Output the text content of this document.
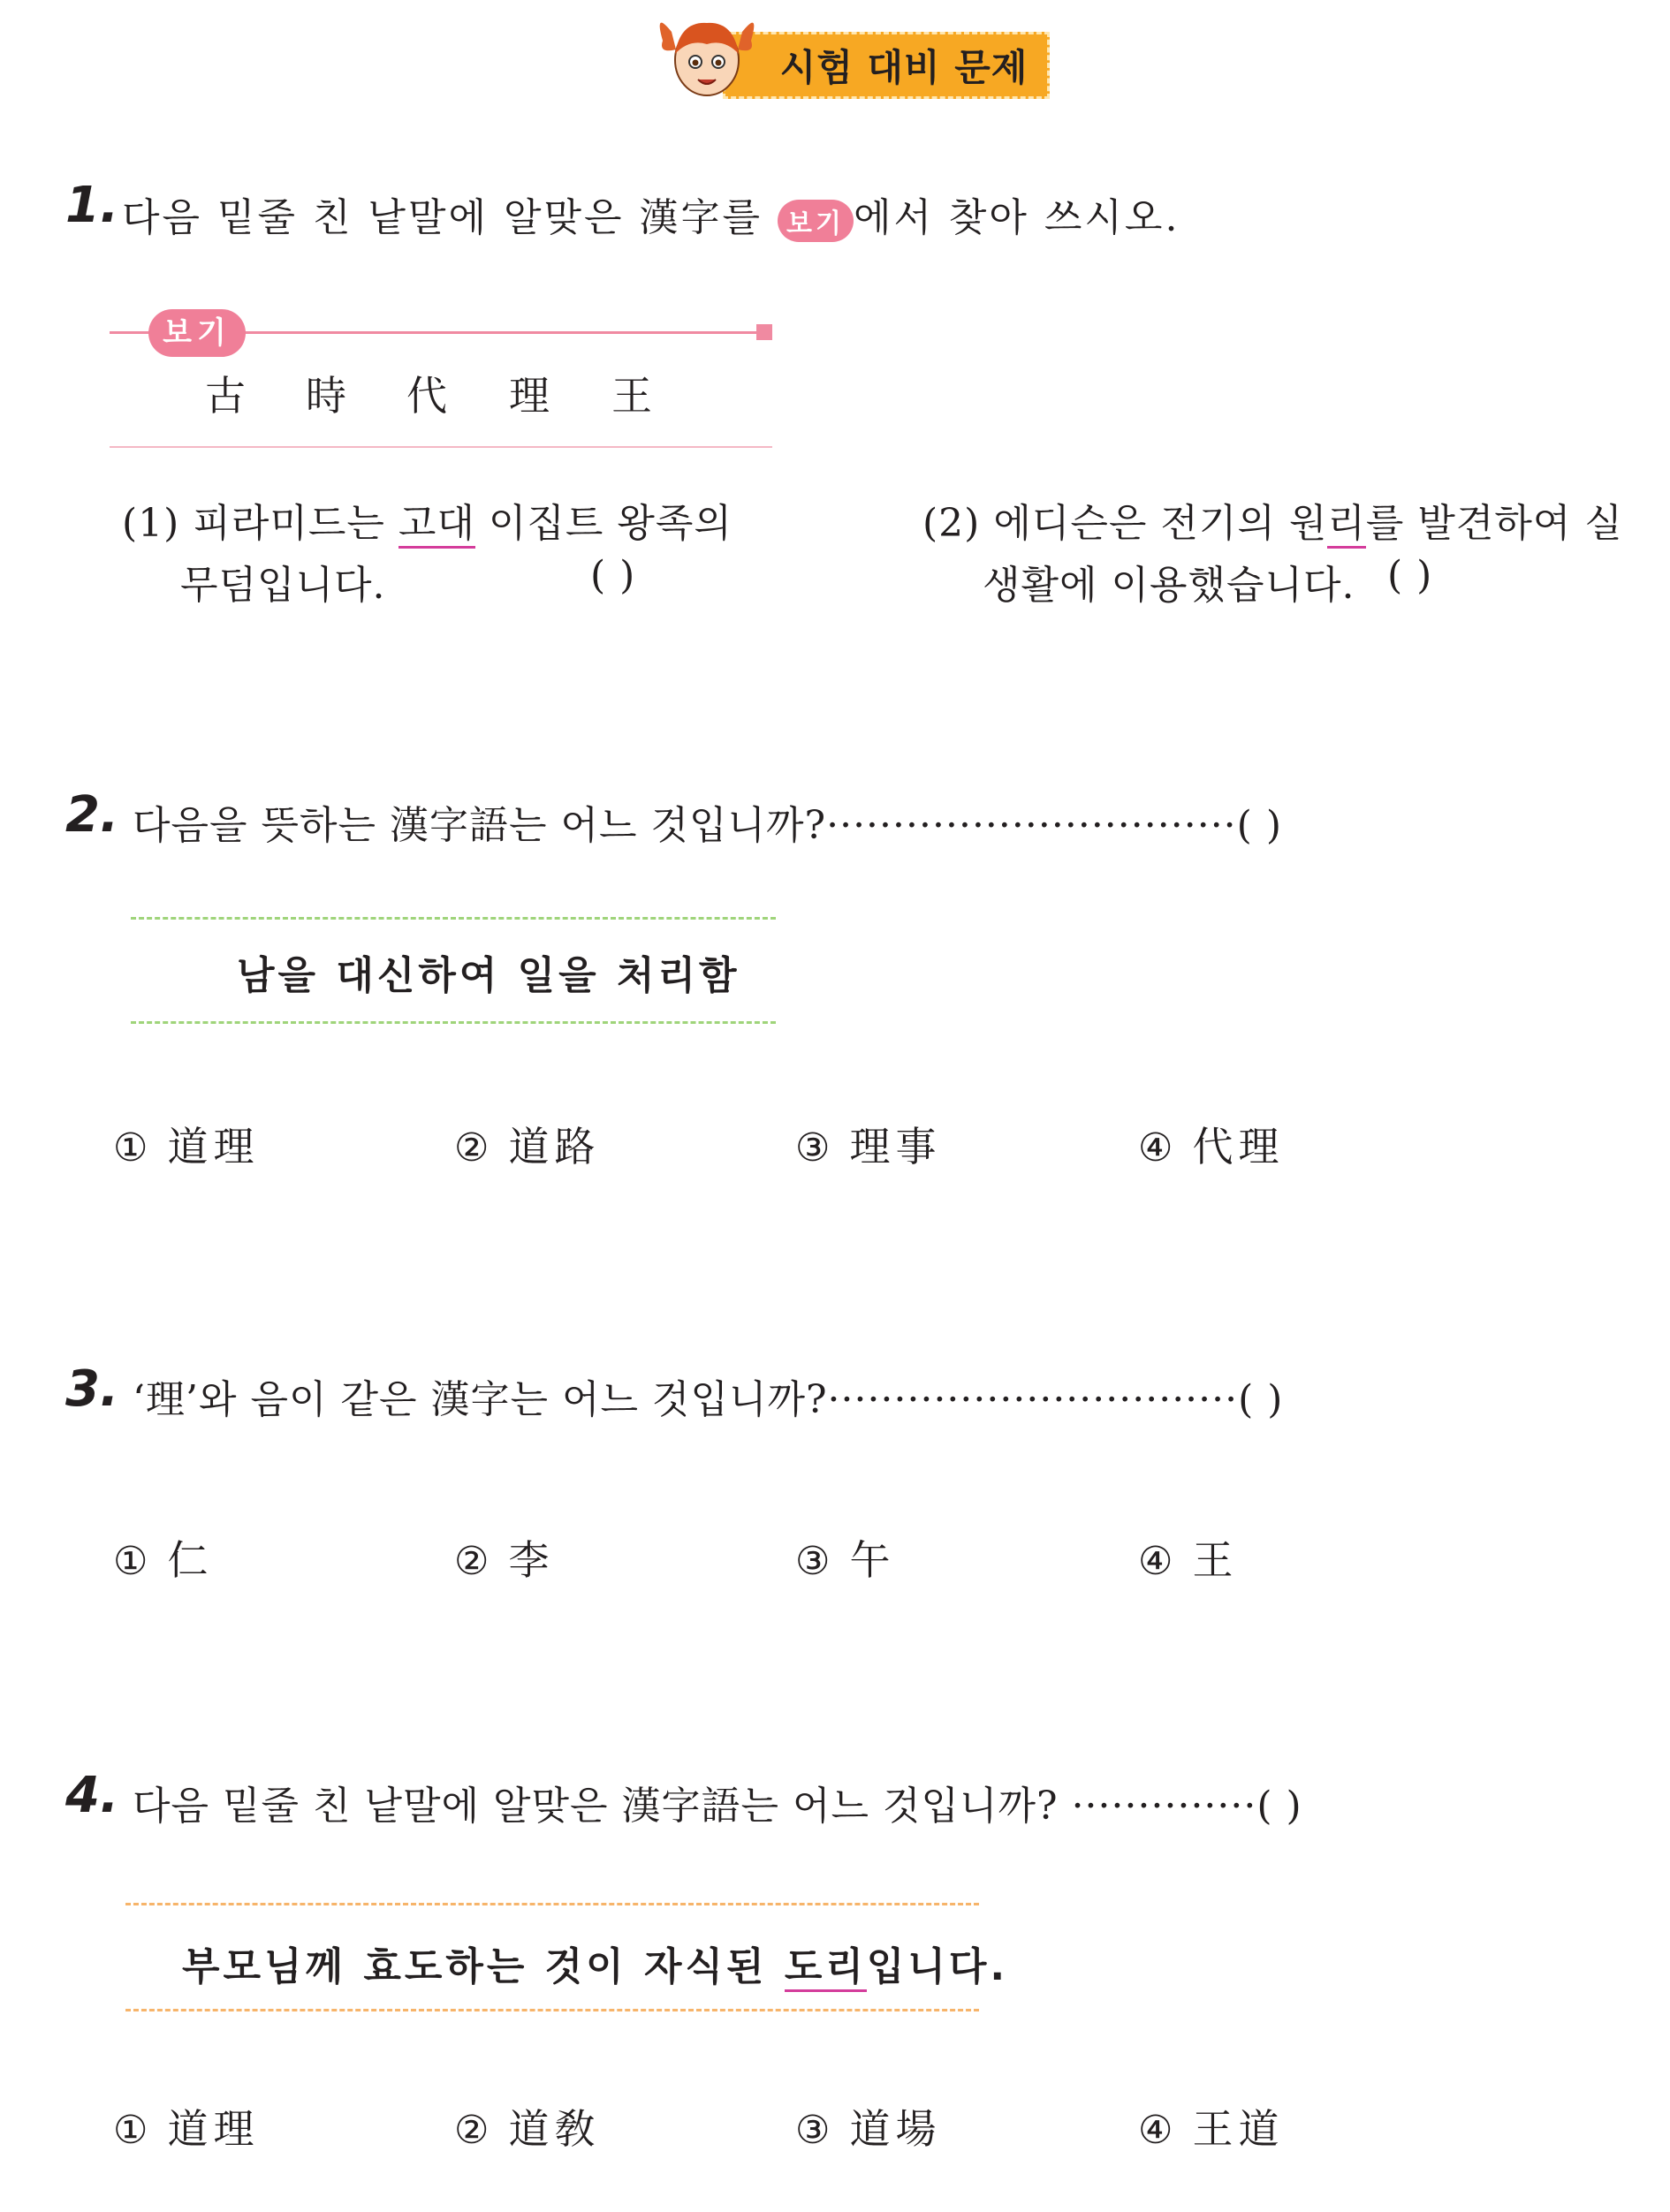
시험 대비 문제
1. 다음 밑줄 친 낱말에 알맞은 漢字를 보기 에서 찾아 쓰시오.
보기
古 時 代 理 王
(1) 피라미드는 고대 이집트 왕족의
무덤입니다.	( )
(2) 에디슨은 전기의 원리를 발견하여 실
생활에 이용했습니다. ( )
2. 다음을 뜻하는 漢字語는 어느 것입니까?·······························( )
남을 대신하여 일을 처리함
① 道理	② 道路	③ 理事	④ 代理
3. ‘理’와 음이 같은 漢字는 어느 것입니까?·······························( )
① 仁	② 李	③ 午	④ 王
4. 다음 밑줄 친 낱말에 알맞은 漢字語는 어느 것입니까? ··············( )
부모님께 효도하는 것이 자식된 도리입니다.
① 道理	② 道敎	③ 道場	④ 王道
